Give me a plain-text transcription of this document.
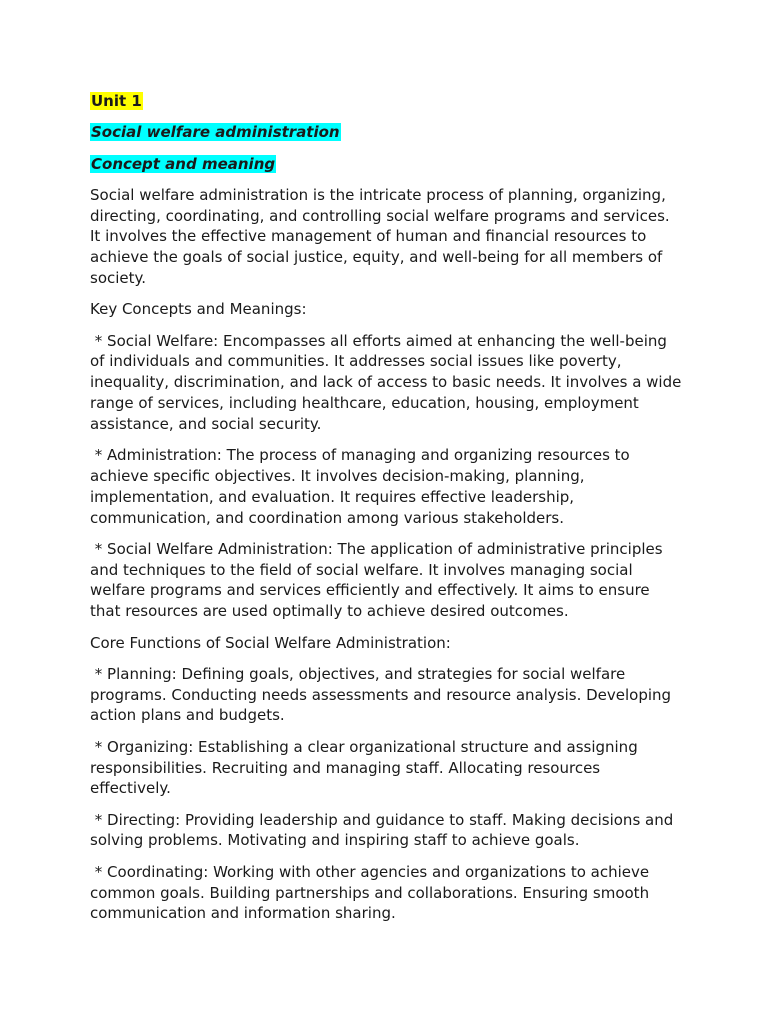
Unit 1

Social welfare administration

Concept and meaning

Social welfare administration is the intricate process of planning, organizing, directing, coordinating, and controlling social welfare programs and services. It involves the effective management of human and financial resources to achieve the goals of social justice, equity, and well-being for all members of society.

Key Concepts and Meanings:

* Social Welfare: Encompasses all efforts aimed at enhancing the well-being of individuals and communities. It addresses social issues like poverty, inequality, discrimination, and lack of access to basic needs. It involves a wide range of services, including healthcare, education, housing, employment assistance, and social security.

* Administration: The process of managing and organizing resources to achieve specific objectives. It involves decision-making, planning, implementation, and evaluation. It requires effective leadership, communication, and coordination among various stakeholders.

* Social Welfare Administration: The application of administrative principles and techniques to the field of social welfare. It involves managing social welfare programs and services efficiently and effectively. It aims to ensure that resources are used optimally to achieve desired outcomes.

Core Functions of Social Welfare Administration:

* Planning: Defining goals, objectives, and strategies for social welfare programs. Conducting needs assessments and resource analysis. Developing action plans and budgets.

* Organizing: Establishing a clear organizational structure and assigning responsibilities. Recruiting and managing staff. Allocating resources effectively.

* Directing: Providing leadership and guidance to staff. Making decisions and solving problems. Motivating and inspiring staff to achieve goals.

* Coordinating: Working with other agencies and organizations to achieve common goals. Building partnerships and collaborations. Ensuring smooth communication and information sharing.
